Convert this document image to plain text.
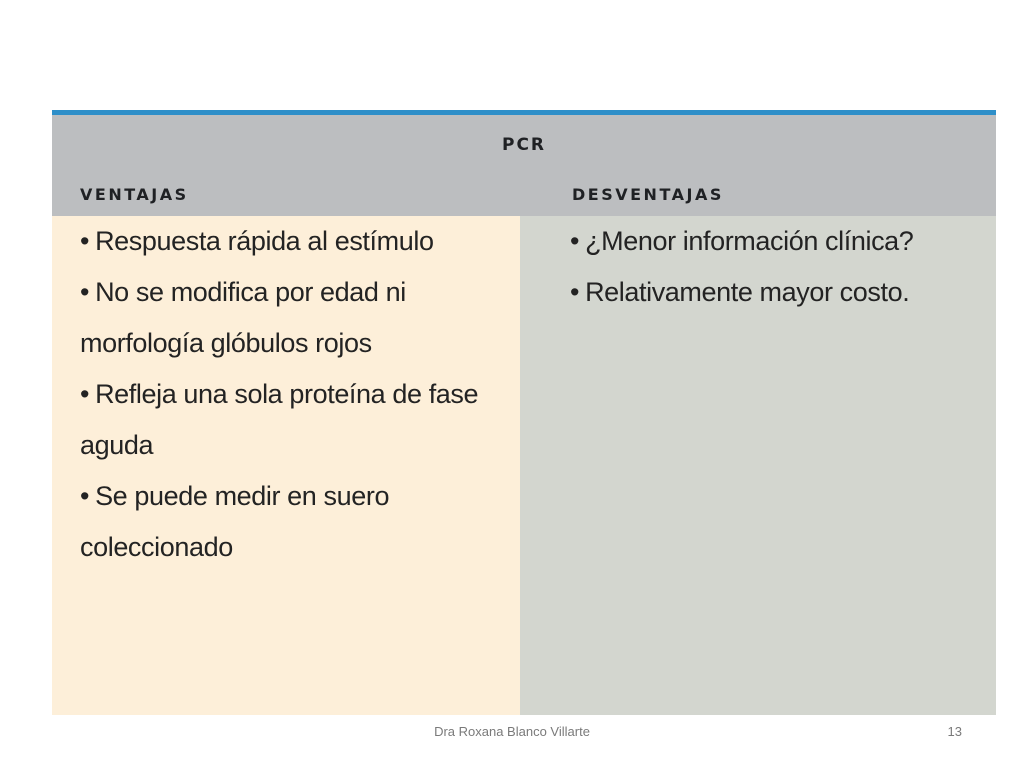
PCR
VENTAJAS	DESVENTAJAS
• Respuesta rápida al estímulo
• No se modifica por edad ni morfología glóbulos rojos
• Refleja una sola proteína de fase aguda
• Se puede medir en suero coleccionado
• ¿Menor información clínica?
• Relativamente mayor costo.
Dra Roxana Blanco Villarte	13
